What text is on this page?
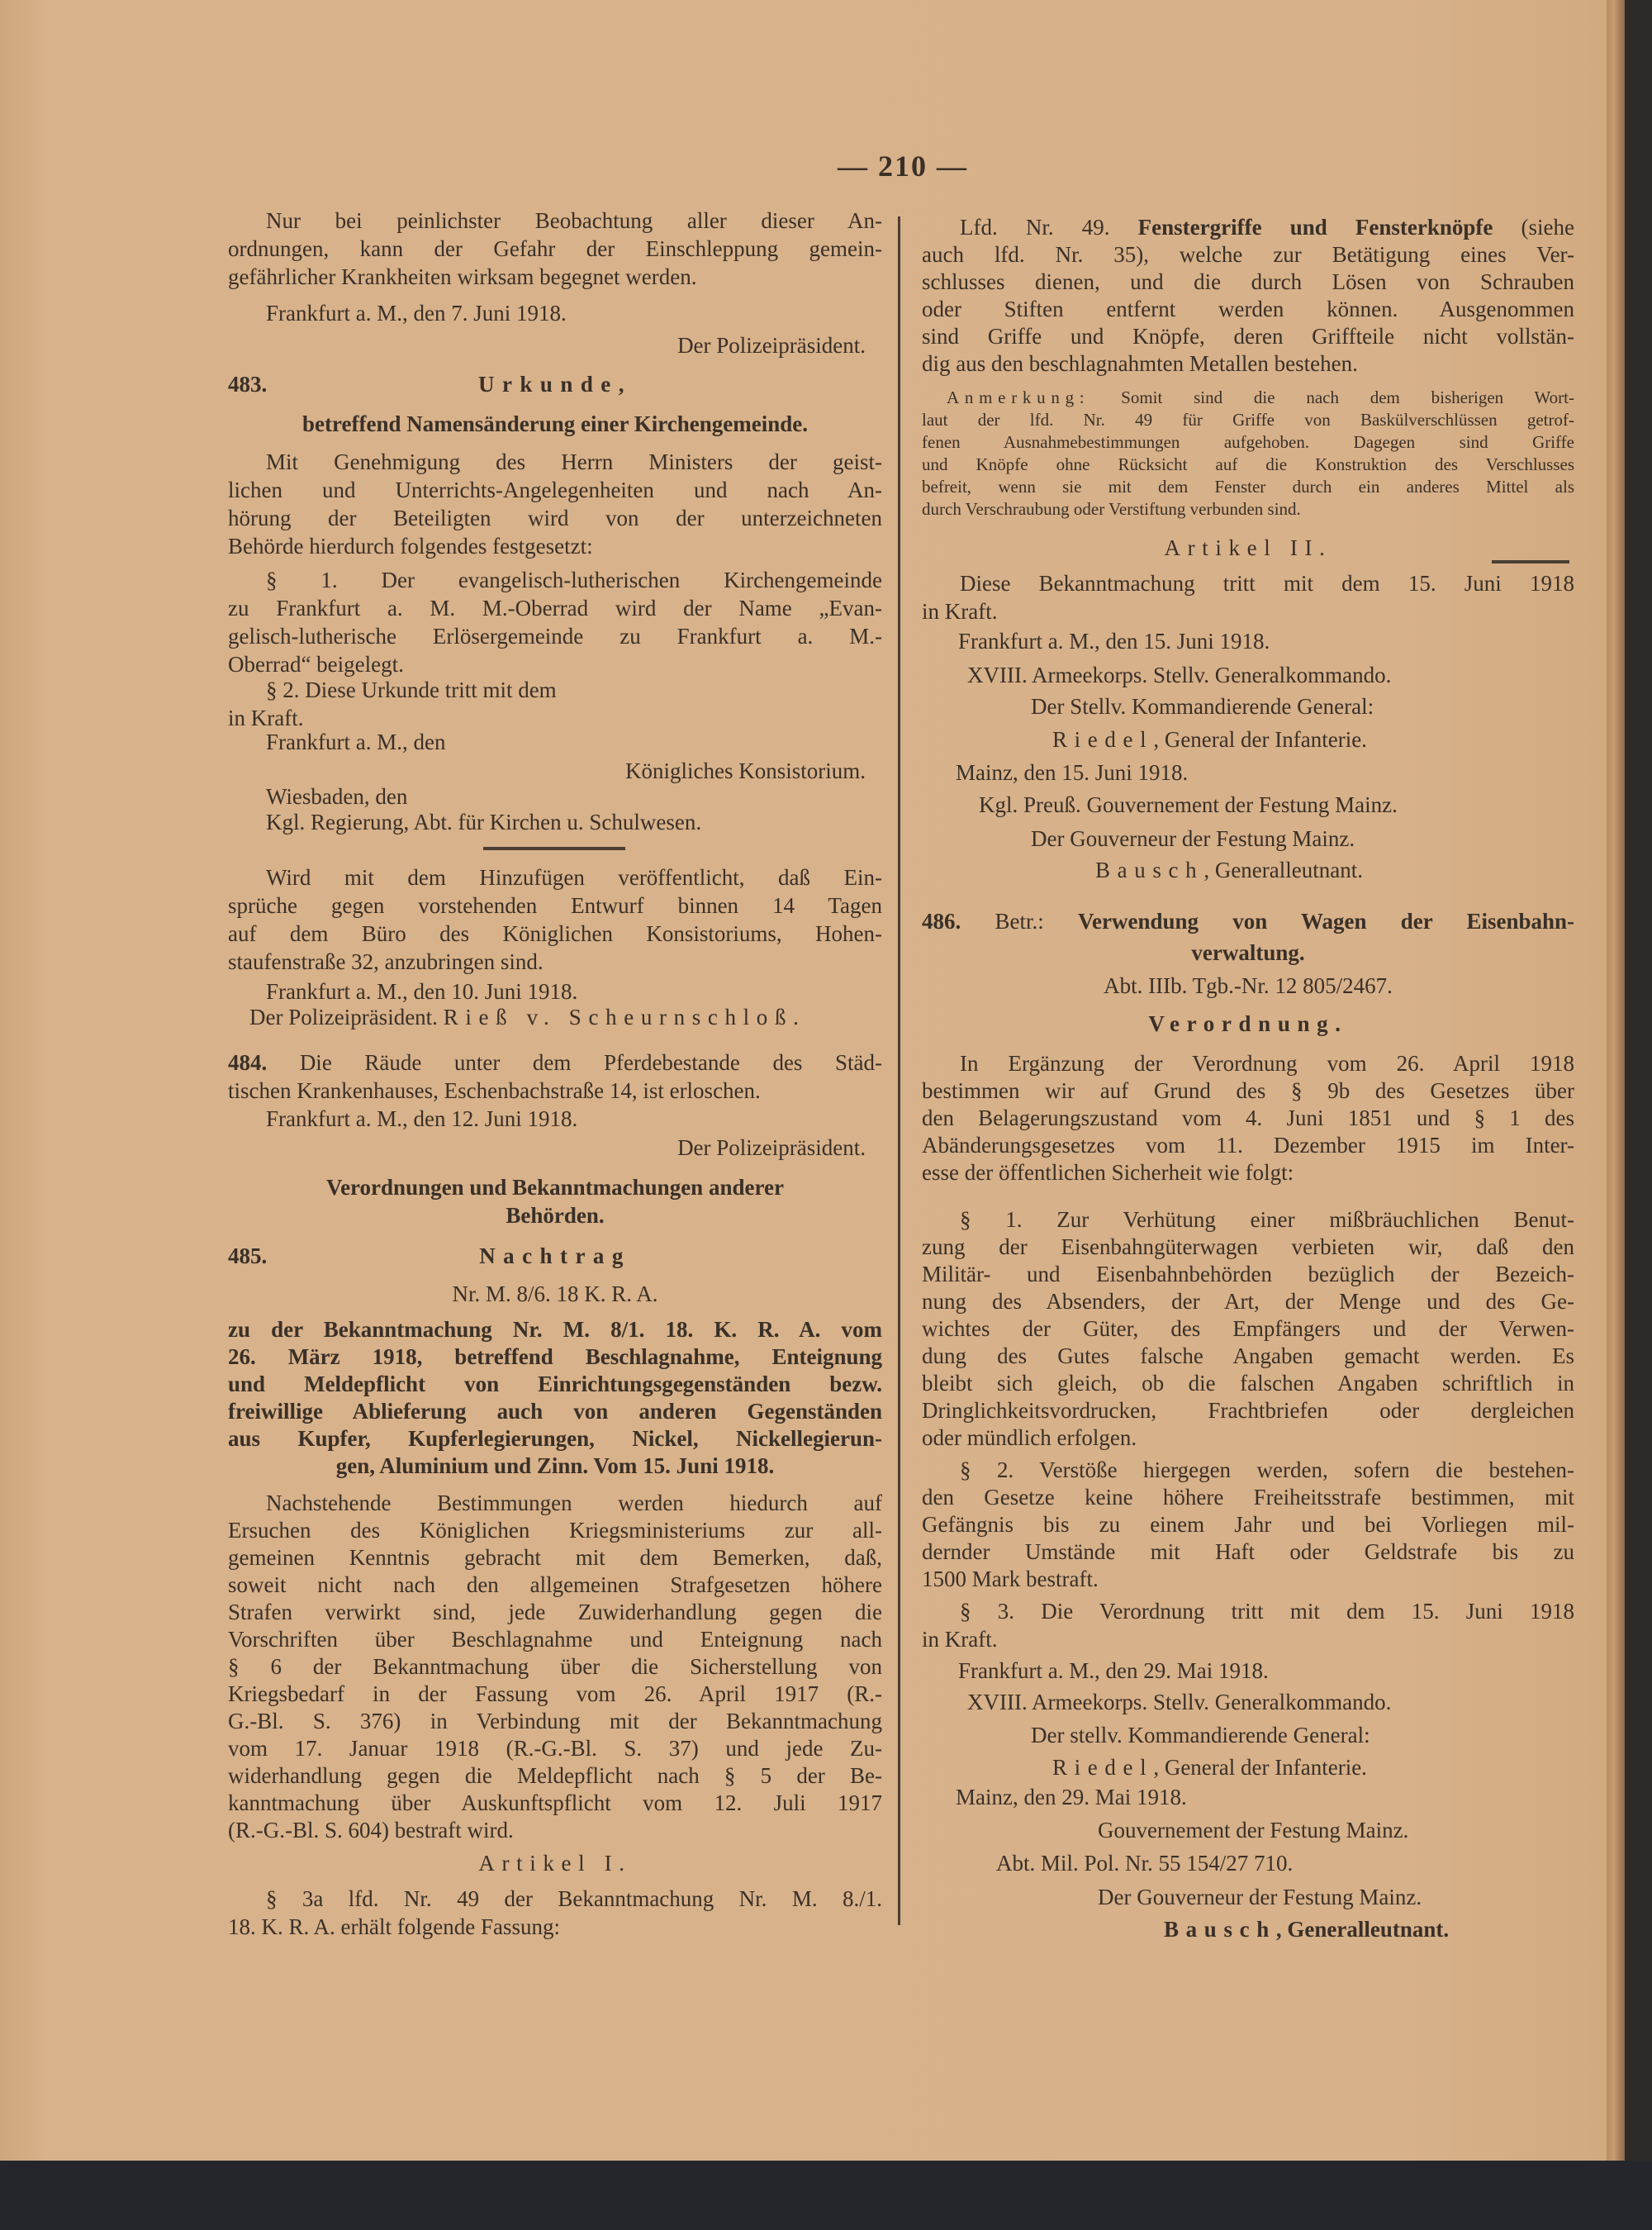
— 210 —
Nur bei peinlichster Beobachtung aller dieser An-
ordnungen, kann der Gefahr der Einschleppung gemein-
gefährlicher Krankheiten wirksam begegnet werden.
Frankfurt a. M., den 7. Juni 1918.
Der Polizeipräsident.
483.	Urkunde,
betreffend Namensänderung einer Kirchengemeinde.
Mit Genehmigung des Herrn Ministers der geist-
lichen und Unterrichts-Angelegenheiten und nach An-
hörung der Beteiligten wird von der unterzeichneten
Behörde hierdurch folgendes festgesetzt:
§ 1. Der evangelisch-lutherischen Kirchengemeinde
zu Frankfurt a. M. M.-Oberrad wird der Name „Evan-
gelisch-lutherische Erlösergemeinde zu Frankfurt a. M.-
Oberrad“ beigelegt.
§ 2. Diese Urkunde tritt mit dem
in Kraft.
Frankfurt a. M., den
Königliches Konsistorium.
Wiesbaden, den
Kgl. Regierung, Abt. für Kirchen u. Schulwesen.
Wird mit dem Hinzufügen veröffentlicht, daß Ein-
sprüche gegen vorstehenden Entwurf binnen 14 Tagen
auf dem Büro des Königlichen Konsistoriums, Hohen-
staufenstraße 32, anzubringen sind.
Frankfurt a. M., den 10. Juni 1918.
Der Polizeipräsident. Rieß v. Scheurnschloß.
484. Die Räude unter dem Pferdebestande des Städ-
tischen Krankenhauses, Eschenbachstraße 14, ist erloschen.
Frankfurt a. M., den 12. Juni 1918.
Der Polizeipräsident.
Verordnungen und Bekanntmachungen anderer
Behörden.
485.	Nachtrag
Nr. M. 8/6. 18 K. R. A.
zu der Bekanntmachung Nr. M. 8/1. 18. K. R. A. vom
26. März 1918, betreffend Beschlagnahme, Enteignung
und Meldepflicht von Einrichtungsgegenständen bezw.
freiwillige Ablieferung auch von anderen Gegenständen
aus Kupfer, Kupferlegierungen, Nickel, Nickellegierun-
gen, Aluminium und Zinn. Vom 15. Juni 1918.
Nachstehende Bestimmungen werden hiedurch auf
Ersuchen des Königlichen Kriegsministeriums zur all-
gemeinen Kenntnis gebracht mit dem Bemerken, daß,
soweit nicht nach den allgemeinen Strafgesetzen höhere
Strafen verwirkt sind, jede Zuwiderhandlung gegen die
Vorschriften über Beschlagnahme und Enteignung nach
§ 6 der Bekanntmachung über die Sicherstellung von
Kriegsbedarf in der Fassung vom 26. April 1917 (R.-
G.-Bl. S. 376) in Verbindung mit der Bekanntmachung
vom 17. Januar 1918 (R.-G.-Bl. S. 37) und jede Zu-
widerhandlung gegen die Meldepflicht nach § 5 der Be-
kanntmachung über Auskunftspflicht vom 12. Juli 1917
(R.-G.-Bl. S. 604) bestraft wird.
Artikel I.
§ 3a lfd. Nr. 49 der Bekanntmachung Nr. M. 8./1.
18. K. R. A. erhält folgende Fassung:
Lfd. Nr. 49. Fenstergriffe und Fensterknöpfe (siehe
auch lfd. Nr. 35), welche zur Betätigung eines Ver-
schlusses dienen, und die durch Lösen von Schrauben
oder Stiften entfernt werden können. Ausgenommen
sind Griffe und Knöpfe, deren Griffteile nicht vollstän-
dig aus den beschlagnahmten Metallen bestehen.
Anmerkung: Somit sind die nach dem bisherigen Wort-
laut der lfd. Nr. 49 für Griffe von Baskülverschlüssen getrof-
fenen Ausnahmebestimmungen aufgehoben. Dagegen sind Griffe
und Knöpfe ohne Rücksicht auf die Konstruktion des Verschlusses
befreit, wenn sie mit dem Fenster durch ein anderes Mittel als
durch Verschraubung oder Verstiftung verbunden sind.
Artikel II.
Diese Bekanntmachung tritt mit dem 15. Juni 1918
in Kraft.
Frankfurt a. M., den 15. Juni 1918.
XVIII. Armeekorps. Stellv. Generalkommando.
Der Stellv. Kommandierende General:
Riedel, General der Infanterie.
Mainz, den 15. Juni 1918.
Kgl. Preuß. Gouvernement der Festung Mainz.
Der Gouverneur der Festung Mainz.
Bausch, Generalleutnant.
486. Betr.: Verwendung von Wagen der Eisenbahn-
verwaltung.
Abt. IIIb. Tgb.-Nr. 12 805/2467.
Verordnung.
In Ergänzung der Verordnung vom 26. April 1918
bestimmen wir auf Grund des § 9b des Gesetzes über
den Belagerungszustand vom 4. Juni 1851 und § 1 des
Abänderungsgesetzes vom 11. Dezember 1915 im Inter-
esse der öffentlichen Sicherheit wie folgt:
§ 1. Zur Verhütung einer mißbräuchlichen Benut-
zung der Eisenbahngüterwagen verbieten wir, daß den
Militär- und Eisenbahnbehörden bezüglich der Bezeich-
nung des Absenders, der Art, der Menge und des Ge-
wichtes der Güter, des Empfängers und der Verwen-
dung des Gutes falsche Angaben gemacht werden. Es
bleibt sich gleich, ob die falschen Angaben schriftlich in
Dringlichkeitsvordrucken, Frachtbriefen oder dergleichen
oder mündlich erfolgen.
§ 2. Verstöße hiergegen werden, sofern die bestehen-
den Gesetze keine höhere Freiheitsstrafe bestimmen, mit
Gefängnis bis zu einem Jahr und bei Vorliegen mil-
dernder Umstände mit Haft oder Geldstrafe bis zu
1500 Mark bestraft.
§ 3. Die Verordnung tritt mit dem 15. Juni 1918
in Kraft.
Frankfurt a. M., den 29. Mai 1918.
XVIII. Armeekorps. Stellv. Generalkommando.
Der stellv. Kommandierende General:
Riedel, General der Infanterie.
Mainz, den 29. Mai 1918.
Gouvernement der Festung Mainz.
Abt. Mil. Pol. Nr. 55 154/27 710.
Der Gouverneur der Festung Mainz.
Bausch, Generalleutnant.
